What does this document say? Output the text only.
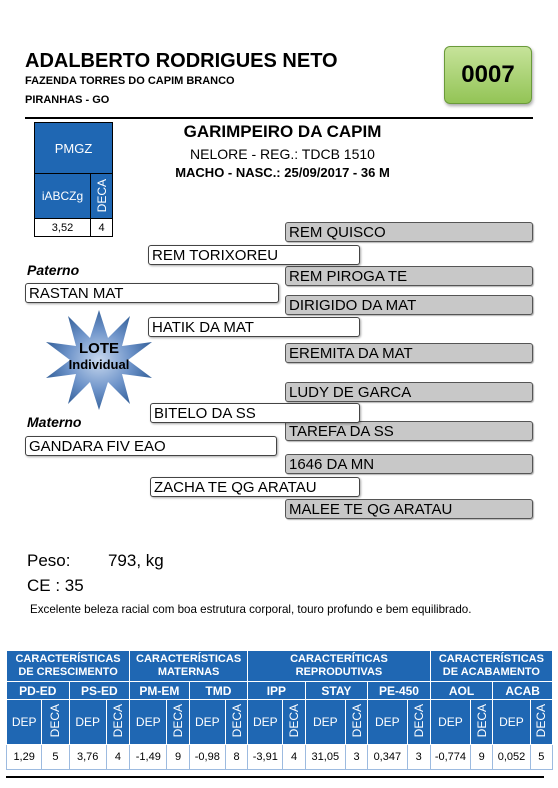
ADALBERTO RODRIGUES NETO
FAZENDA TORRES DO CAPIM BRANCO
PIRANHAS - GO
0007
PMGZ
iABCZg DECA
3,52	4
GARIMPEIRO DA CAPIM
NELORE - REG.: TDCB 1510
MACHO - NASC.: 25/09/2017 - 36 M
REM QUISCO
REM PIROGA TE
DIRIGIDO DA MAT
EREMITA DA MAT
LUDY DE GARCA
TAREFA DA SS
1646 DA MN
MALEE TE QG ARATAU
REM TORIXOREU
HATIK DA MAT
BITELO DA SS
ZACHA TE QG ARATAU
Paterno
RASTAN MAT
Materno
GANDARA FIV EAO
LOTE
Individual
Peso: 793, kg
CE : 35
Excelente beleza racial com boa estrutura corporal, touro profundo e bem equilibrado.
CARACTERÍSTICAS DE CRESCIMENTO				CARACTERÍSTICAS MATERNAS				CARACTERÍTICAS REPRODUTIVAS						CARACTERÍSTICAS DE ACABAMENTO			
PD-ED		PS-ED		PM-EM		TMD		IPP		STAY		PE-450		AOL		ACAB	
DEP	DECA	DEP	DECA	DEP	DECA	DEP	DECA	DEP	DECA	DEP	DECA	DEP	DECA	DEP	DECA	DEP	DECA
1,29	5	3,76	4	-1,49	9	-0,98	8	-3,91	4	31,05	3	0,347	3	-0,774	9	0,052	5
